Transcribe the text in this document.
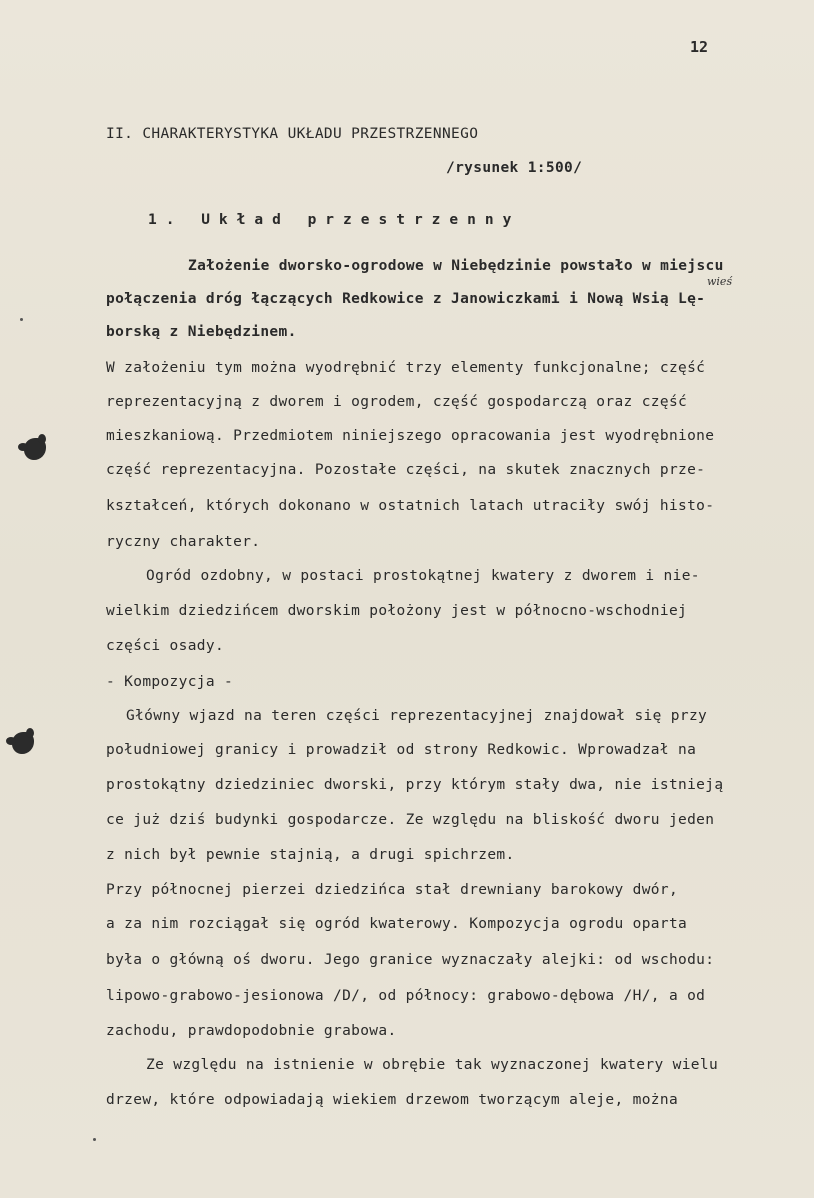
12
II. CHARAKTERYSTYKA UKŁADU PRZESTRZENNEGO
/rysunek 1:500/
1. Układ przestrzenny
wieś
Założenie dworsko-ogrodowe w Niebędzinie powstało w miejscu
połączenia dróg łączących Redkowice z Janowiczkami i Nową Wsią Lę-
borską z Niebędzinem.
W założeniu tym można wyodrębnić trzy elementy funkcjonalne; część
reprezentacyjną z dworem i ogrodem, część gospodarczą oraz część
mieszkaniową. Przedmiotem niniejszego opracowania jest wyodrębnione
część reprezentacyjna. Pozostałe części, na skutek znacznych prze-
kształceń, których dokonano w ostatnich latach utraciły swój histo-
ryczny charakter.
Ogród ozdobny, w postaci prostokątnej kwatery z dworem i nie-
wielkim dziedzińcem dworskim położony jest w północno-wschodniej
części osady.
- Kompozycja -
Główny wjazd na teren części reprezentacyjnej znajdował się przy
południowej granicy i prowadził od strony Redkowic. Wprowadzał na
prostokątny dziedziniec dworski, przy którym stały dwa, nie istnieją
ce już dziś budynki gospodarcze. Ze względu na bliskość dworu jeden
z nich był pewnie stajnią, a drugi spichrzem.
Przy północnej pierzei dziedzińca stał drewniany barokowy dwór,
a za nim rozciągał się ogród kwaterowy. Kompozycja ogrodu oparta
była o główną oś dworu. Jego granice wyznaczały alejki: od wschodu:
lipowo-grabowo-jesionowa /D/, od północy: grabowo-dębowa /H/, a od
zachodu, prawdopodobnie grabowa.
Ze względu na istnienie w obrębie tak wyznaczonej kwatery wielu
drzew, które odpowiadają wiekiem drzewom tworzącym aleje, można
